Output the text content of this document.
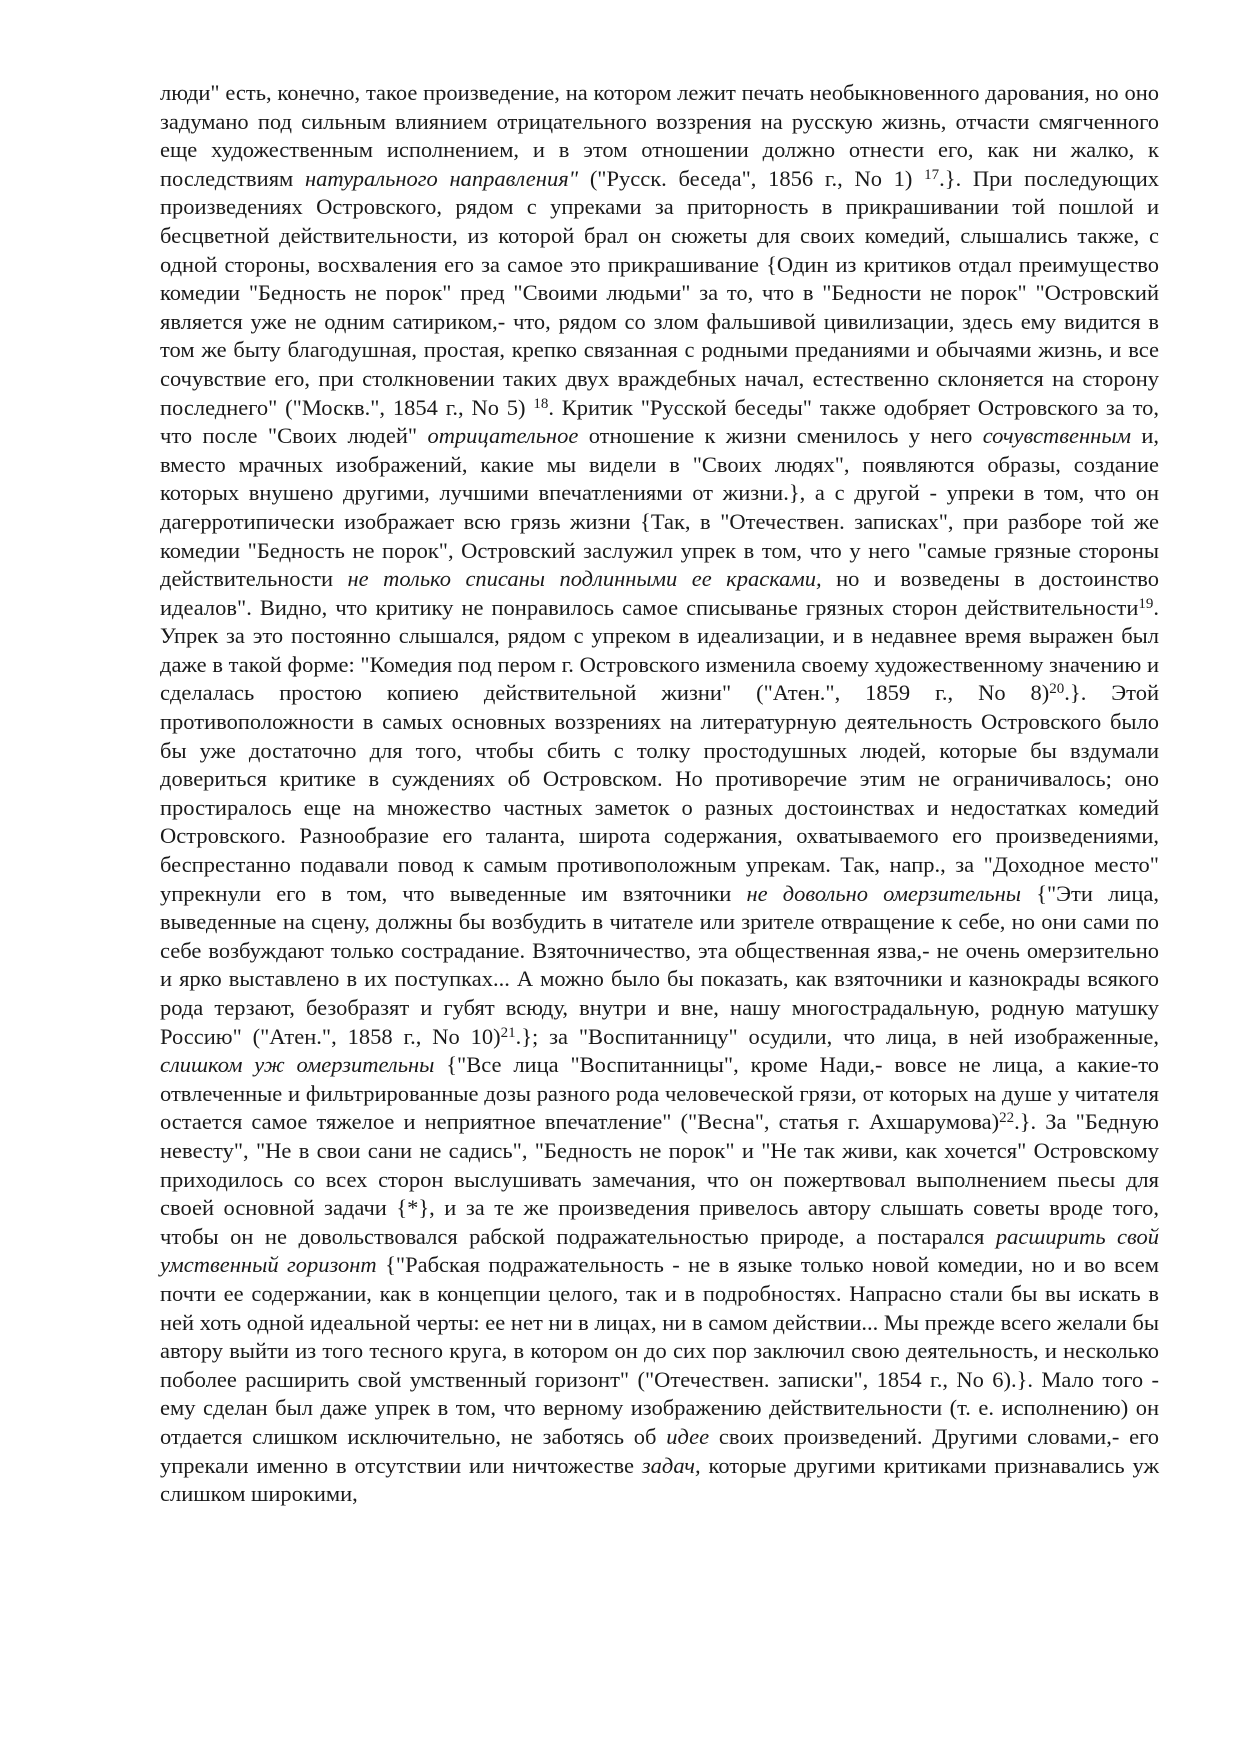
люди" есть, конечно, такое произведение, на котором лежит печать необыкновенного дарования, но оно задумано под сильным влиянием отрицательного воззрения на русскую жизнь, отчасти смягченного еще художественным исполнением, и в этом отношении должно отнести его, как ни жалко, к последствиям натурального направления" ("Русск. беседа", 1856 г., No 1) $^{17}$.}. При последующих произведениях Островского, рядом с упреками за приторность в прикрашивании той пошлой и бесцветной действительности, из которой брал он сюжеты для своих комедий, слышались также, с одной стороны, восхваления его за самое это прикрашивание {Один из критиков отдал преимущество комедии "Бедность не порок" пред "Своими людьми" за то, что в "Бедности не порок" "Островский является уже не одним сатириком,- что, рядом со злом фальшивой цивилизации, здесь ему видится в том же быту благодушная, простая, крепко связанная с родными преданиями и обычаями жизнь, и все сочувствие его, при столкновении таких двух враждебных начал, естественно склоняется на сторону последнего" ("Москв.", 1854 г., No 5) $^{18}$. Критик "Русской беседы" также одобряет Островского за то, что после "Своих людей" отрицательное отношение к жизни сменилось у него сочувственным и, вместо мрачных изображений, какие мы видели в "Своих людях", появляются образы, создание которых внушено другими, лучшими впечатлениями от жизни.}, а с другой - упреки в том, что он дагерротипически изображает всю грязь жизни {Так, в "Отечествен. записках", при разборе той же комедии "Бедность не порок", Островский заслужил упрек в том, что у него "самые грязные стороны действительности не только списаны подлинными ее красками, но и возведены в достоинство идеалов". Видно, что критику не понравилось самое списыванье грязных сторон действительности$^{19}$. Упрек за это постоянно слышался, рядом с упреком в идеализации, и в недавнее время выражен был даже в такой форме: "Комедия под пером г. Островского изменила своему художественному значению и сделалась простою копиею действительной жизни" ("Атен.", 1859 г., No 8)$^{20}$.}. Этой противоположности в самых основных воззрениях на литературную деятельность Островского было бы уже достаточно для того, чтобы сбить с толку простодушных людей, которые бы вздумали довериться критике в суждениях об Островском. Но противоречие этим не ограничивалось; оно простиралось еще на множество частных заметок о разных достоинствах и недостатках комедий Островского. Разнообразие его таланта, широта содержания, охватываемого его произведениями, беспрестанно подавали повод к самым противоположным упрекам. Так, напр., за "Доходное место" упрекнули его в том, что выведенные им взяточники не довольно омерзительны {"Эти лица, выведенные на сцену, должны бы возбудить в читателе или зрителе отвращение к себе, но они сами по себе возбуждают только сострадание. Взяточничество, эта общественная язва,- не очень омерзительно и ярко выставлено в их поступках... А можно было бы показать, как взяточники и казнокрады всякого рода терзают, безобразят и губят всюду, внутри и вне, нашу многострадальную, родную матушку Россию" ("Атен.", 1858 г., No 10)$^{21}$.}; за "Воспитанницу" осудили, что лица, в ней изображенные, слишком уж омерзительны {"Все лица "Воспитанницы", кроме Нади,- вовсе не лица, а какие-то отвлеченные и фильтрированные дозы разного рода человеческой грязи, от которых на душе у читателя остается самое тяжелое и неприятное впечатление" ("Весна", статья г. Ахшарумова)$^{22}$.}. За "Бедную невесту", "Не в свои сани не садись", "Бедность не порок" и "Не так живи, как хочется" Островскому приходилось со всех сторон выслушивать замечания, что он пожертвовал выполнением пьесы для своей основной задачи {*}, и за те же произведения привелось автору слышать советы вроде того, чтобы он не довольствовался рабской подражательностью природе, а постарался расширить свой умственный горизонт {"Рабская подражательность - не в языке только новой комедии, но и во всем почти ее содержании, как в концепции целого, так и в подробностях. Напрасно стали бы вы искать в ней хоть одной идеальной черты: ее нет ни в лицах, ни в самом действии... Мы прежде всего желали бы автору выйти из того тесного круга, в котором он до сих пор заключил свою деятельность, и несколько поболее расширить свой умственный горизонт" ("Отечествен. записки", 1854 г., No 6).}. Мало того - ему сделан был даже упрек в том, что верному изображению действительности (т. е. исполнению) он отдается слишком исключительно, не заботясь об идее своих произведений. Другими словами,- его упрекали именно в отсутствии или ничтожестве задач, которые другими критиками признавались уж слишком широкими,
